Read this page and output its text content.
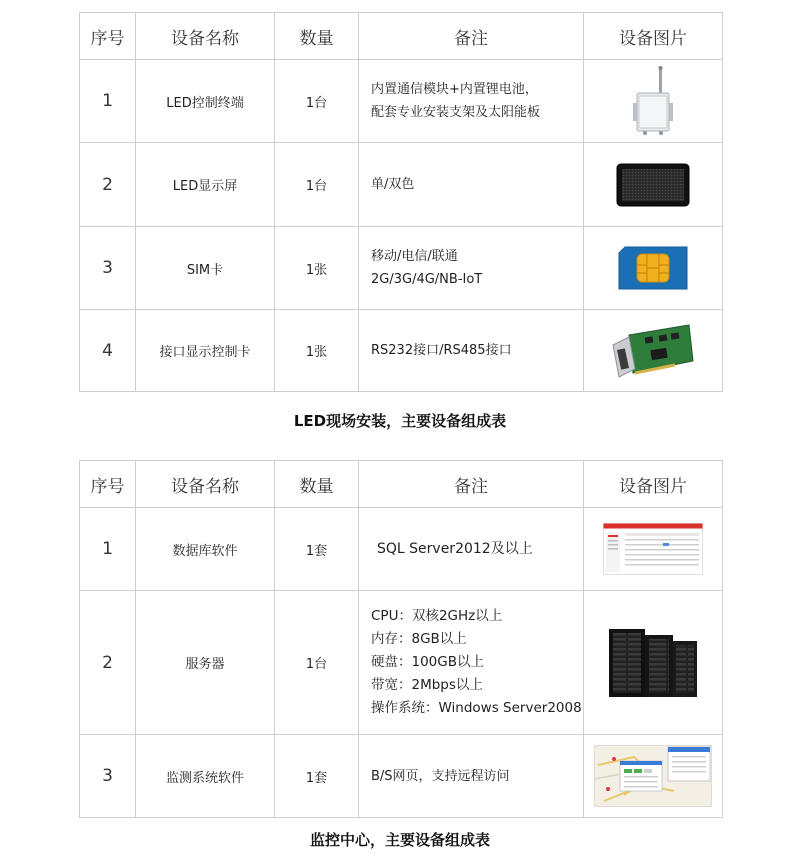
序号	设备名称	数量	备注	设备图片
1	LED控制终端	1台	内置通信模块+内置锂电池，
配套专业安装支架及太阳能板

2	LED显示屏	1台	单/双色

3	SIM卡	1张	移动/电信/联通
2G/3G/4G/NB-IoT

4	接口显示控制卡	1张	RS232接口/RS485接口

LED现场安装，主要设备组成表
序号	设备名称	数量	备注	设备图片
1	数据库软件	1套	SQL Server2012及以上

2	服务器	1台	CPU：双核2GHz以上
内存：8GB以上
硬盘：100GB以上
带宽：2Mbps以上
操作系统：Windows Server2008

3	监测系统软件	1套	B/S网页，支持远程访问

监控中心，主要设备组成表
